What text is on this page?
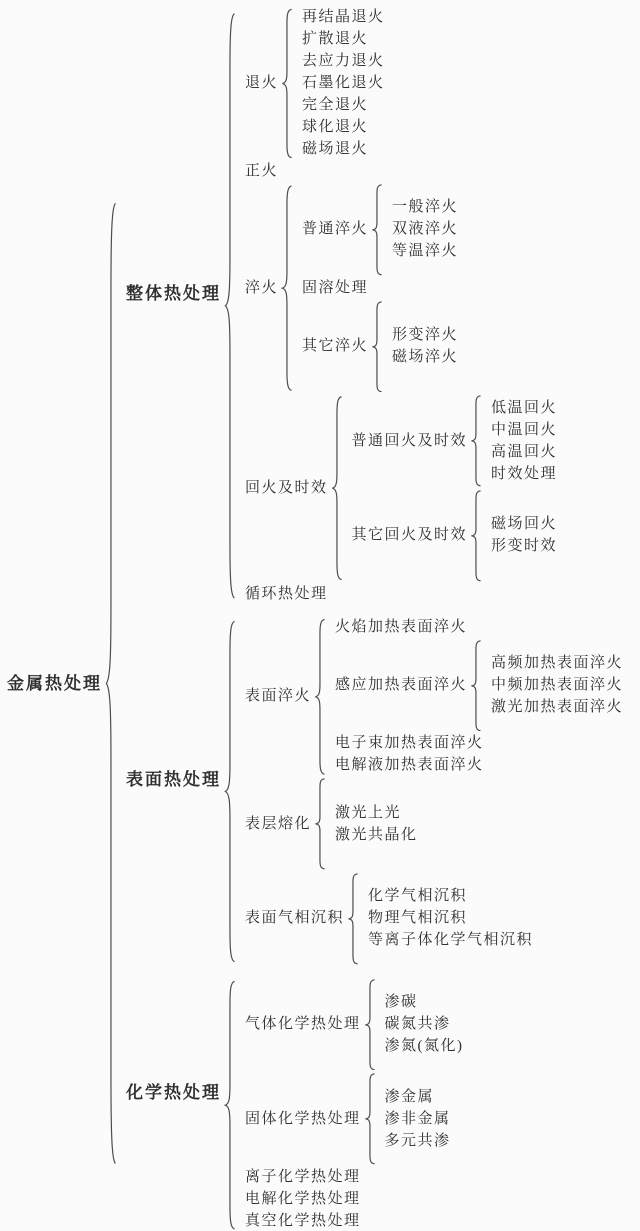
金属热处理
整体热处理
退火
再结晶退火
扩散退火
去应力退火
石墨化退火
完全退火
球化退火
磁场退火
正火
淬火
普通淬火
一般淬火
双液淬火
等温淬火
固溶处理
其它淬火
形变淬火
磁场淬火
回火及时效
普通回火及时效
低温回火
中温回火
高温回火
时效处理
其它回火及时效
磁场回火
形变时效
循环热处理
表面热处理
表面淬火
火焰加热表面淬火
感应加热表面淬火
高频加热表面淬火
中频加热表面淬火
激光加热表面淬火
电子束加热表面淬火
电解液加热表面淬火
表层熔化
激光上光
激光共晶化
表面气相沉积
化学气相沉积
物理气相沉积
等离子体化学气相沉积
化学热处理
气体化学热处理
渗碳
碳氮共渗
渗氮(氮化)
固体化学热处理
渗金属
渗非金属
多元共渗
离子化学热处理
电解化学热处理
真空化学热处理
